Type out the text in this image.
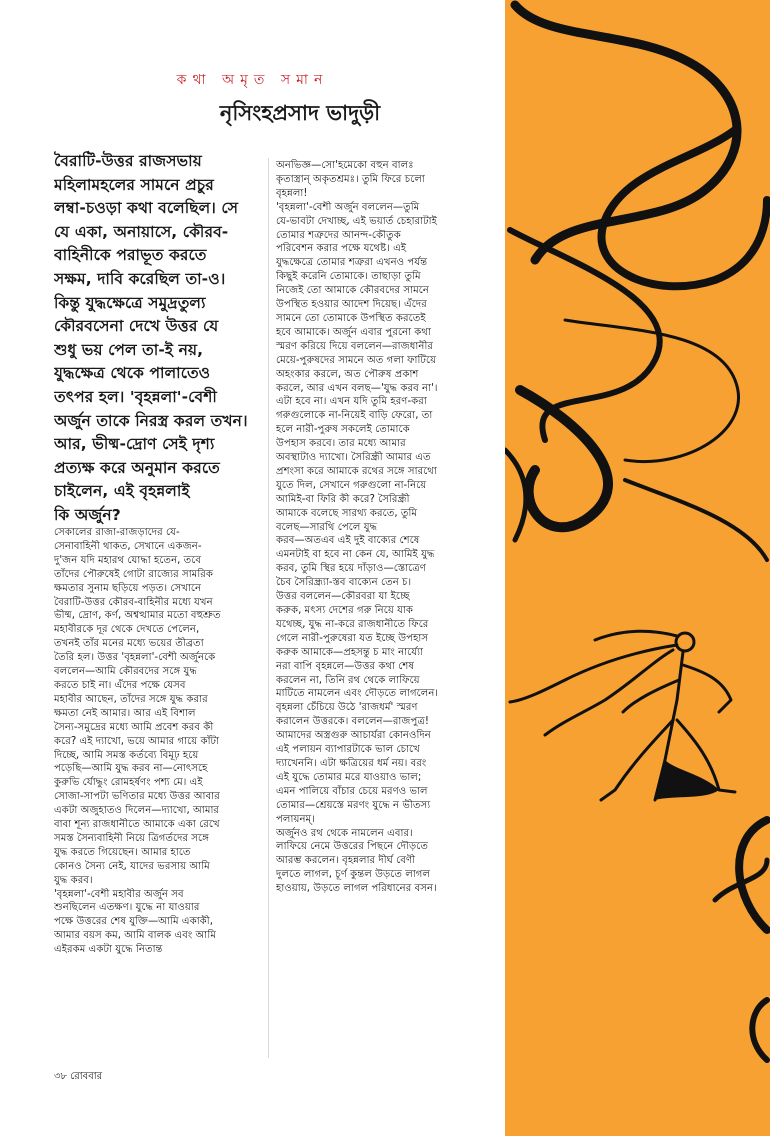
কথা অমৃত সমান
নৃসিংহপ্রসাদ ভাদুড়ী
বৈরাটি-উত্তর রাজসভায়
মহিলামহলের সামনে প্রচুর
লম্বা-চওড়া কথা বলেছিল। সে
যে একা, অনায়াসে, কৌরব-
বাহিনীকে পরাভূত করতে
সক্ষম, দাবি করেছিল তা-ও।
কিন্তু যুদ্ধক্ষেত্রে সমুদ্রতুল্য
কৌরবসেনা দেখে উত্তর যে
শুধু ভয় পেল তা-ই নয়,
যুদ্ধক্ষেত্র থেকে পালাতেও
তৎপর হল। 'বৃহন্নলা'-বেশী
অর্জুন তাকে নিরস্ত্র করল তখন।
আর, ভীষ্ম-দ্রোণ সেই দৃশ্য
প্রত্যক্ষ করে অনুমান করতে
চাইলেন, এই বৃহন্নলাই
কি অর্জুন?
সেকালের রাজা-রাজড়াদের যে-
সেনাবাহিনী থাকত, সেখানে একজন-
দু'জন যদি মহারথ যোদ্ধা হতেন, তবে
তাঁদের পৌরুষেই গোটা রাজ্যের সামরিক
ক্ষমতার সুনাম ছড়িয়ে পড়ত। সেখানে
বৈরাটি-উত্তর কৌরব-বাহিনীর মধ্যে যখন
ভীষ্ম, দ্রোণ, কর্ণ, অশ্বত্থামার মতো বহুশ্রুত
মহাবীরকে দূর থেকে দেখতে পেলেন,
তখনই তাঁর মনের মধ্যে ভয়ের তীব্রতা
তৈরি হল। উত্তর 'বৃহন্নলা'-বেশী অর্জুনকে
বললেন—আমি কৌরবদের সঙ্গে যুদ্ধ
করতে চাই না। এঁদের পক্ষে যেসব
মহাবীর আছেন, তাঁদের সঙ্গে যুদ্ধ করার
ক্ষমতা নেই আমার। আর এই বিশাল
সৈন্য-সমুদ্রের মধ্যে আমি প্রবেশ করব কী
করে? এই দ্যাখো, ভয়ে আমার গায়ে কাঁটা
দিচ্ছে, আমি সমস্ত কর্তব্যে বিমূঢ় হয়ে
পড়েছি—আমি যুদ্ধ করব না—নোৎসহে
কুরুভি র্যোদ্ধুং রোমহর্ষণং পশ্য মে। এই
সোজা-সাপটা ভণিতার মধ্যে উত্তর আবার
একটা অজুহাতও দিলেন—দ্যাখো, আমার
বাবা শূন্য রাজধানীতে আমাকে একা রেখে
সমস্ত সৈন্যবাহিনী নিয়ে ত্রিগর্তদের সঙ্গে
যুদ্ধ করতে গিয়েছেন। আমার হাতে
কোনও সৈন্য নেই, যাদের ভরসায় আমি
যুদ্ধ করব।
'বৃহন্নলা'-বেশী মহাবীর অর্জুন সব
শুনছিলেন এতক্ষণ। যুদ্ধে না যাওয়ার
পক্ষে উত্তরের শেষ যুক্তি—আমি একাকী,
আমার বয়স কম, আমি বালক এবং আমি
এইরকম একটা যুদ্ধে নিতান্ত
অনভিজ্ঞ—সো'হমেকো বহুন বালঃ
কৃতাস্ত্রান্ অকৃতশ্রমঃ। তুমি ফিরে চলো
বৃহন্নলা!
'বৃহন্নলা'-বেশী অর্জুন বললেন—তুমি
যে-ভাবটা দেখাচ্ছ, এই ভয়ার্ত চেহারাটাই
তোমার শত্রুদের আনন্দ-কৌতুক
পরিবেশন করার পক্ষে যথেষ্ট। এই
যুদ্ধক্ষেত্রে তোমার শত্রুরা এখনও পর্যন্ত
কিছুই করেনি তোমাকে। তাছাড়া তুমি
নিজেই তো আমাকে কৌরবদের সামনে
উপস্থিত হওয়ার আদেশ দিয়েছ। এঁদের
সামনে তো তোমাকে উপস্থিত করতেই
হবে আমাকে। অর্জুন এবার পুরনো কথা
স্মরণ করিয়ে দিয়ে বললেন—রাজধানীর
মেয়ে-পুরুষদের সামনে অত গলা ফাটিয়ে
অহংকার করলে, অত পৌরুষ প্রকাশ
করলে, আর এখন বলছ—'যুদ্ধ করব না'।
এটা হবে না। এখন যদি তুমি হরণ-করা
গরুগুলোকে না-নিয়েই বাড়ি ফেরো, তা
হলে নারী-পুরুষ সকলেই তোমাকে
উপহাস করবে। তার মধ্যে আমার
অবস্থাটাও দ্যাখো। সৈরিন্ধ্রী আমার এত
প্রশংসা করে আমাকে রথের সঙ্গে সারথো
যুতে দিল, সেখানে গরুগুলো না-নিয়ে
আমিই-বা ফিরি কী করে? সৈরিন্ধ্রী
আমাকে বলেছে সারথ্য করতে, তুমি
বলেছ—সারথি পেলে যুদ্ধ
করব—অতএব এই দুই বাক্যের শেষে
এমনটাই বা হবে না কেন যে, আমিই যুদ্ধ
করব, তুমি স্থির হয়ে দাঁড়াও—স্তোত্রেণ
চৈব সৈরিন্ধ্র্যা-স্তব বাক্যেন তেন চ।
উত্তর বললেন—কৌরবরা যা ইচ্ছে
করুক, মৎস্য দেশের গরু নিয়ে যাক
যথেচ্ছ, যুদ্ধ না-করে রাজধানীতে ফিরে
গেলে নারী-পুরুষেরা যত ইচ্ছে উপহাস
করুক আমাকে—প্রহসন্তু চ মাং নার্য্যো
নরা বাপি বৃহন্নলে—উত্তর কথা শেষ
করলেন না, তিনি রথ থেকে লাফিয়ে
মাটিতে নামলেন এবং দৌড়তে লাগলেন।
বৃহন্নলা চেঁচিয়ে উঠে 'রাজধর্ম' স্মরণ
করালেন উত্তরকে। বললেন—রাজপুত্র!
আমাদের অস্ত্রগুরু আচার্যরা কোনওদিন
এই পলায়ন ব্যাপারটাকে ভাল চোখে
দ্যাখেননি। এটা ক্ষত্রিয়ের ধর্ম নয়। বরং
এই যুদ্ধে তোমার মরে যাওয়াও ভাল;
এমন পালিয়ে বাঁচার চেয়ে মরণও ভাল
তোমার—শ্রেয়স্তে মরণং যুদ্ধে ন ভীতস্য
পলায়নম্।
অর্জুনও রথ থেকে নামলেন এবার।
লাফিয়ে নেমে উত্তরের পিছনে দৌড়তে
আরম্ভ করলেন। বৃহন্নলার দীর্ঘ বেণী
দুলতে লাগল, চূর্ণ কুন্তল উড়তে লাগল
হাওয়ায়, উড়তে লাগল পরিধানের বসন।
৩৮ রোববার
